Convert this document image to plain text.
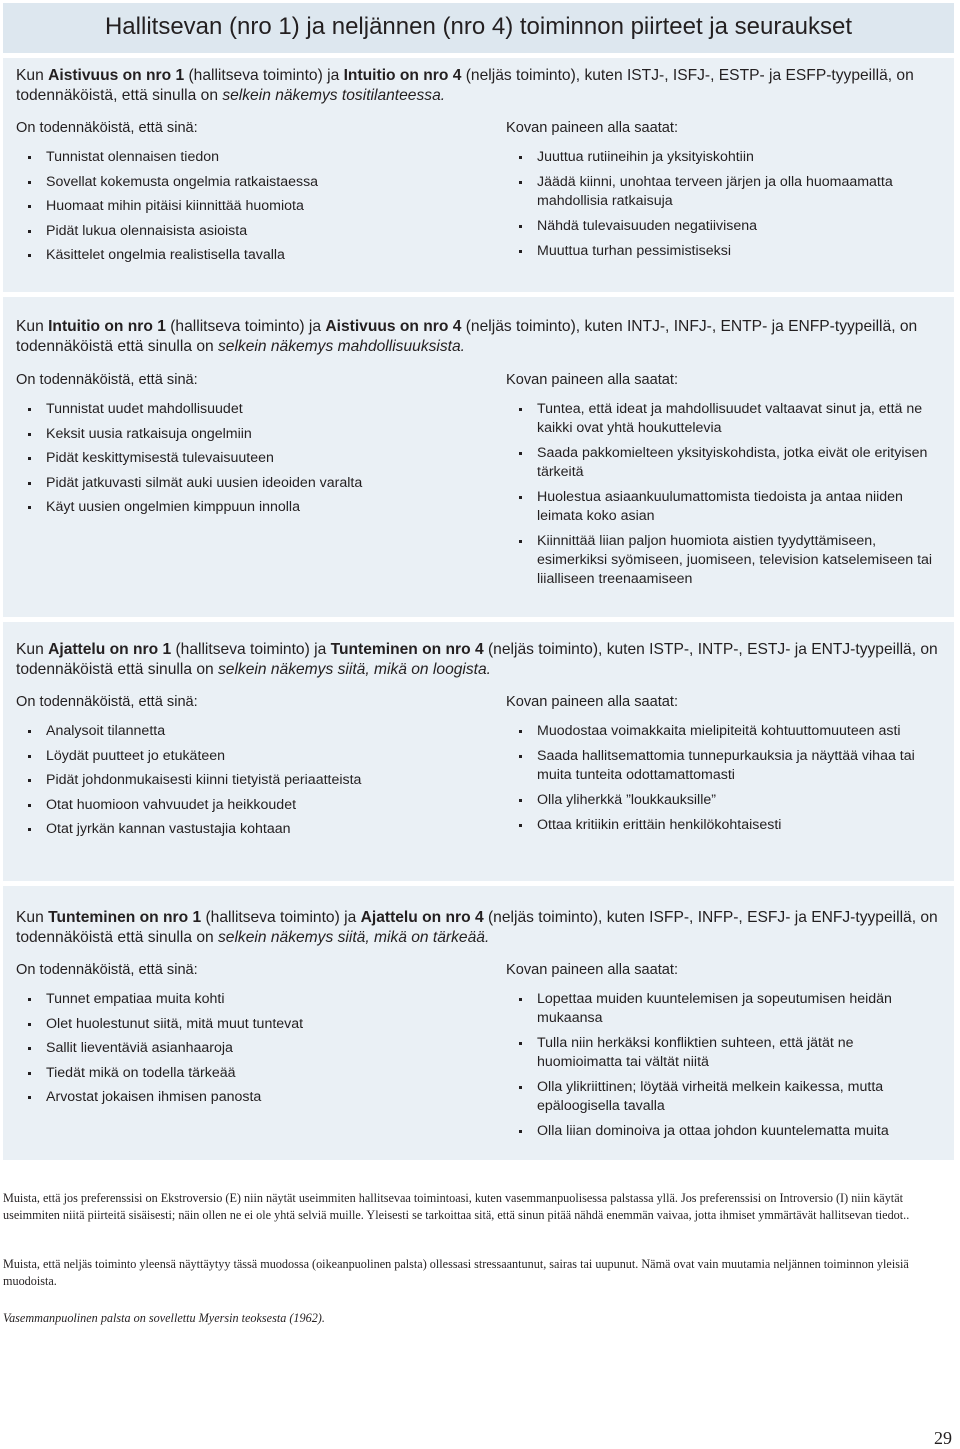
Hallitsevan (nro 1) ja neljännen (nro 4) toiminnon piirteet ja seuraukset

Kun Aistivuus on nro 1 (hallitseva toiminto) ja Intuitio on nro 4 (neljäs toiminto), kuten ISTJ-, ISFJ-, ESTP- ja ESFP-tyypeillä, on todennäköistä, että sinulla on selkein näkemys tositilanteessa.

On todennäköistä, että sinä:	Kovan paineen alla saatat:

Tunnistat olennaisen tiedon
Sovellat kokemusta ongelmia ratkaistaessa
Huomaat mihin pitäisi kiinnittää huomiota
Pidät lukua olennaisista asioista
Käsittelet ongelmia realistisella tavalla
Juuttua rutiineihin ja yksityiskohtiin
Jäädä kiinni, unohtaa terveen järjen ja olla huomaamatta mahdollisia ratkaisuja
Nähdä tulevaisuuden negatiivisena
Muuttua turhan pessimistiseksi

Kun Intuitio on nro 1 (hallitseva toiminto) ja Aistivuus on nro 4 (neljäs toiminto), kuten INTJ-, INFJ-, ENTP- ja ENFP-tyypeillä, on todennäköistä että sinulla on selkein näkemys mahdollisuuksista.

On todennäköistä, että sinä:	Kovan paineen alla saatat:

Tunnistat uudet mahdollisuudet
Keksit uusia ratkaisuja ongelmiin
Pidät keskittymisestä tulevaisuuteen
Pidät jatkuvasti silmät auki uusien ideoiden varalta
Käyt uusien ongelmien kimppuun innolla
Tuntea, että ideat ja mahdollisuudet valtaavat sinut ja, että ne kaikki ovat yhtä houkuttelevia
Saada pakkomielteen yksityiskohdista, jotka eivät ole erityisen tärkeitä
Huolestua asiaankuulumattomista tiedoista ja antaa niiden leimata koko asian
Kiinnittää liian paljon huomiota aistien tyydyttämiseen, esimerkiksi syömiseen, juomiseen, television katselemiseen tai liialliseen treenaamiseen

Kun Ajattelu on nro 1 (hallitseva toiminto) ja Tunteminen on nro 4 (neljäs toiminto), kuten ISTP-, INTP-, ESTJ- ja ENTJ-tyypeillä, on todennäköistä että sinulla on selkein näkemys siitä, mikä on loogista.

On todennäköistä, että sinä:	Kovan paineen alla saatat:

Analysoit tilannetta
Löydät puutteet jo etukäteen
Pidät johdonmukaisesti kiinni tietyistä periaatteista
Otat huomioon vahvuudet ja heikkoudet
Otat jyrkän kannan vastustajia kohtaan
Muodostaa voimakkaita mielipiteitä kohtuuttomuuteen asti
Saada hallitsemattomia tunnepurkauksia ja näyttää vihaa tai muita tunteita odottamattomasti
Olla yliherkkä ”loukkauksille”
Ottaa kritiikin erittäin henkilökohtaisesti

Kun Tunteminen on nro 1 (hallitseva toiminto) ja Ajattelu on nro 4 (neljäs toiminto), kuten ISFP-, INFP-, ESFJ- ja ENFJ-tyypeillä, on todennäköistä että sinulla on selkein näkemys siitä, mikä on tärkeää.

On todennäköistä, että sinä:	Kovan paineen alla saatat:

Tunnet empatiaa muita kohti
Olet huolestunut siitä, mitä muut tuntevat
Sallit lieventäviä asianhaaroja
Tiedät mikä on todella tärkeää
Arvostat jokaisen ihmisen panosta
Lopettaa muiden kuuntelemisen ja sopeutumisen heidän mukaansa
Tulla niin herkäksi konfliktien suhteen, että jätät ne huomioimatta tai vältät niitä
Olla ylikriittinen; löytää virheitä melkein kaikessa, mutta epäloogisella tavalla
Olla liian dominoiva ja ottaa johdon kuuntelematta muita

Muista, että jos preferenssisi on Ekstroversio (E) niin näytät useimmiten hallitsevaa toimintoasi, kuten vasemmanpuolisessa palstassa yllä. Jos preferenssisi on Introversio (I) niin käytät useimmiten niitä piirteitä sisäisesti; näin ollen ne ei ole yhtä selviä muille. Yleisesti se tarkoittaa sitä, että sinun pitää nähdä enemmän vaivaa, jotta ihmiset ymmärtävät hallitsevan tiedot..

Muista, että neljäs toiminto yleensä näyttäytyy tässä muodossa (oikeanpuolinen palsta) ollessasi stressaantunut, sairas tai uupunut. Nämä ovat vain muutamia neljännen toiminnon yleisiä muodoista.

Vasemmanpuolinen palsta on sovellettu Myersin teoksesta (1962).

29
